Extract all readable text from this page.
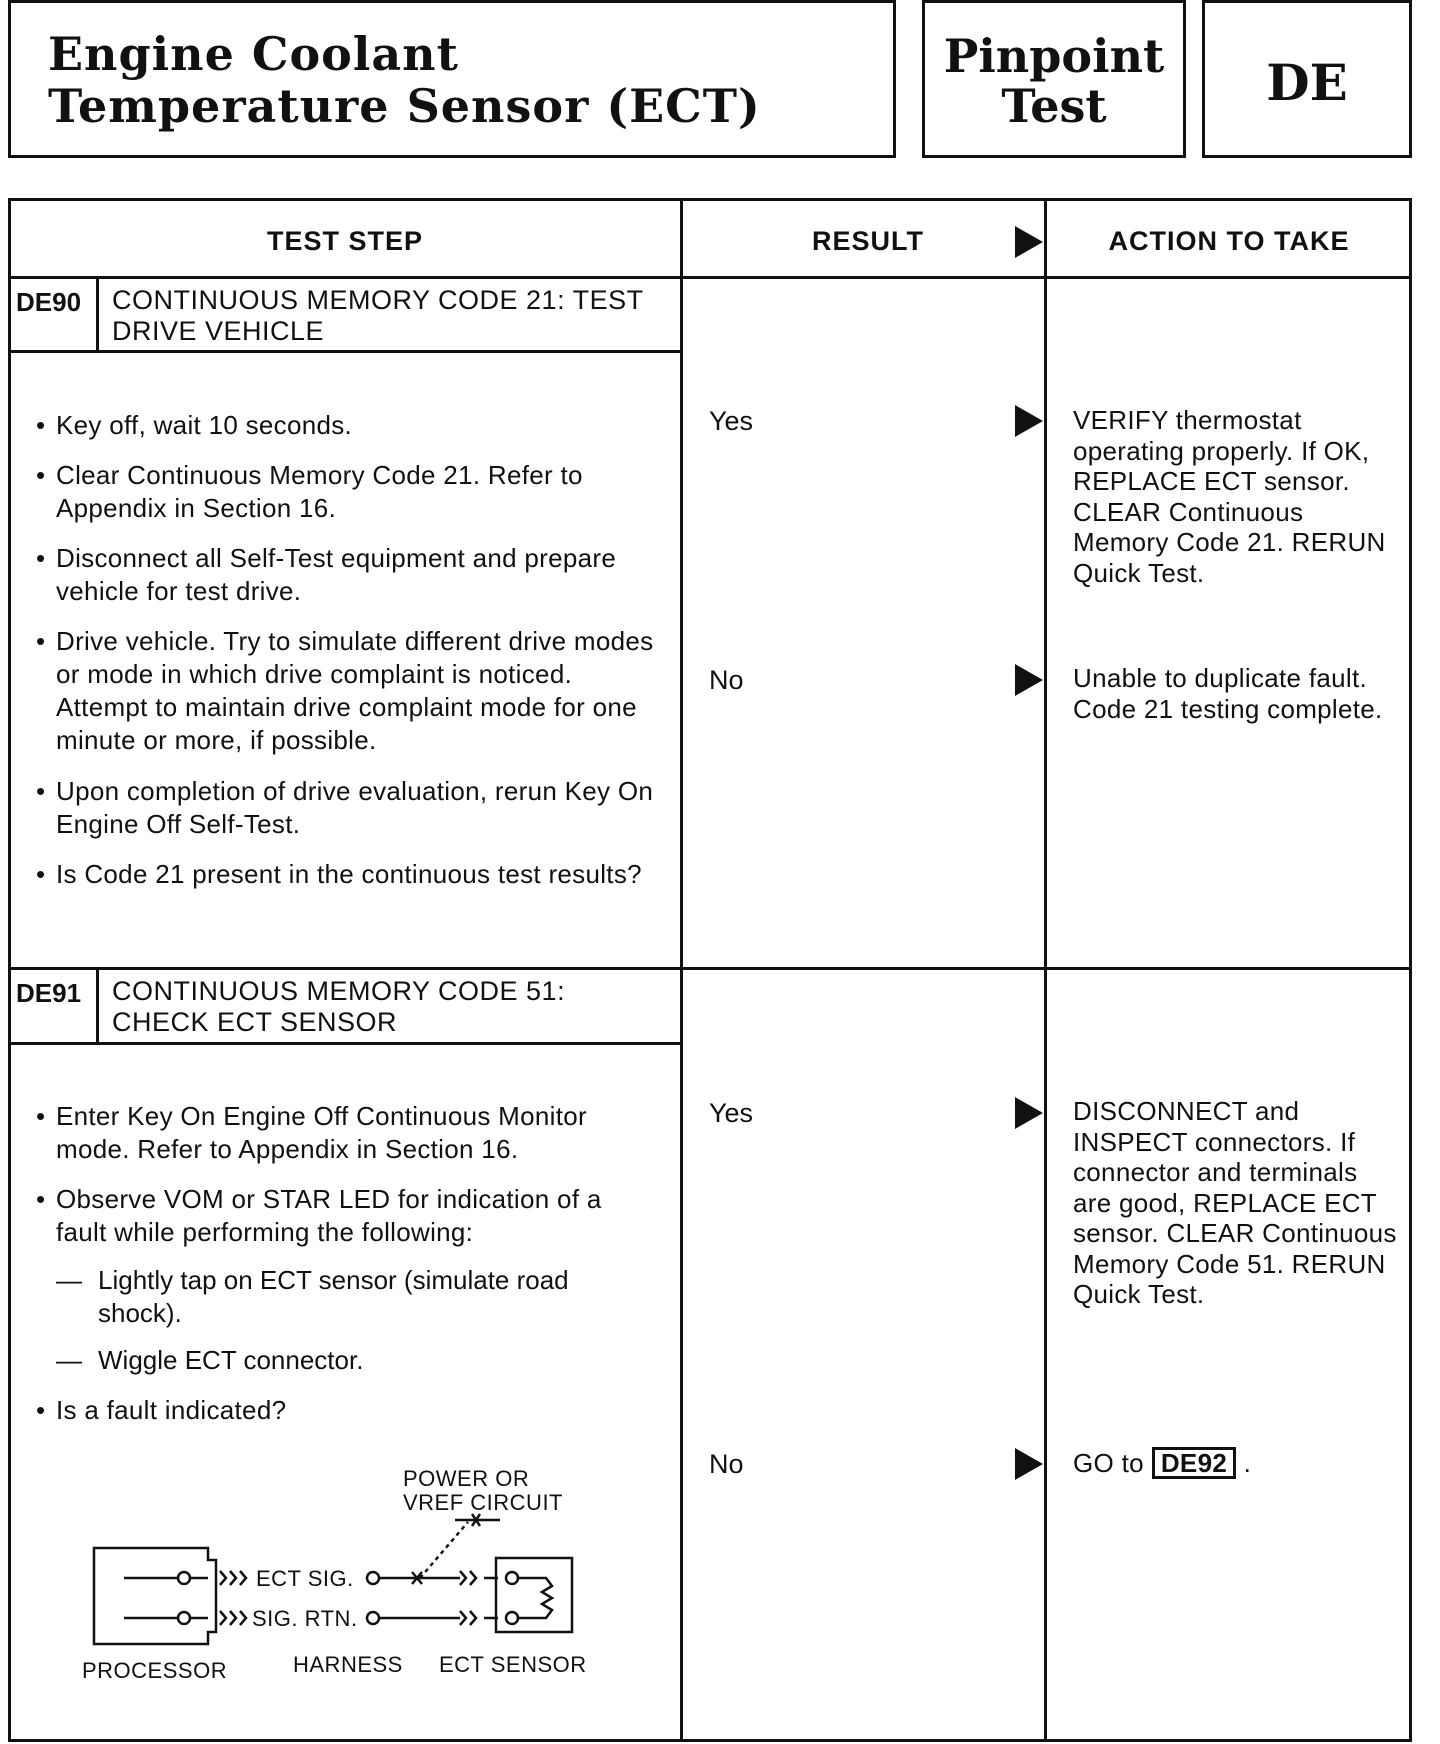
Engine Coolant
Temperature Sensor (ECT)
Pinpoint
Test	DE
TEST STEP	RESULT	ACTION TO TAKE
DE90 CONTINUOUS MEMORY CODE 21: TEST
DRIVE VEHICLE
• Key off, wait 10 seconds.
• Clear Continuous Memory Code 21. Refer to Appendix in Section 16.
• Disconnect all Self-Test equipment and prepare vehicle for test drive.
• Drive vehicle. Try to simulate different drive modes or mode in which drive complaint is noticed. Attempt to maintain drive complaint mode for one minute or more, if possible.
• Upon completion of drive evaluation, rerun Key On Engine Off Self-Test.
• Is Code 21 present in the continuous test results?
Yes	VERIFY thermostat operating properly. If OK, REPLACE ECT sensor. CLEAR Continuous Memory Code 21. RERUN Quick Test.
No	Unable to duplicate fault. Code 21 testing complete.
DE91 CONTINUOUS MEMORY CODE 51:
CHECK ECT SENSOR
• Enter Key On Engine Off Continuous Monitor mode. Refer to Appendix in Section 16.
• Observe VOM or STAR LED for indication of a fault while performing the following:
— Lightly tap on ECT sensor (simulate road shock).
— Wiggle ECT connector.
• Is a fault indicated?
Yes	DISCONNECT and INSPECT connectors. If connector and terminals are good, REPLACE ECT sensor. CLEAR Continuous Memory Code 51. RERUN Quick Test.
No	GO to DE92 .
POWER OR
VREF CIRCUIT
ECT SIG.
SIG. RTN.
PROCESSOR	HARNESS ECT SENSOR
